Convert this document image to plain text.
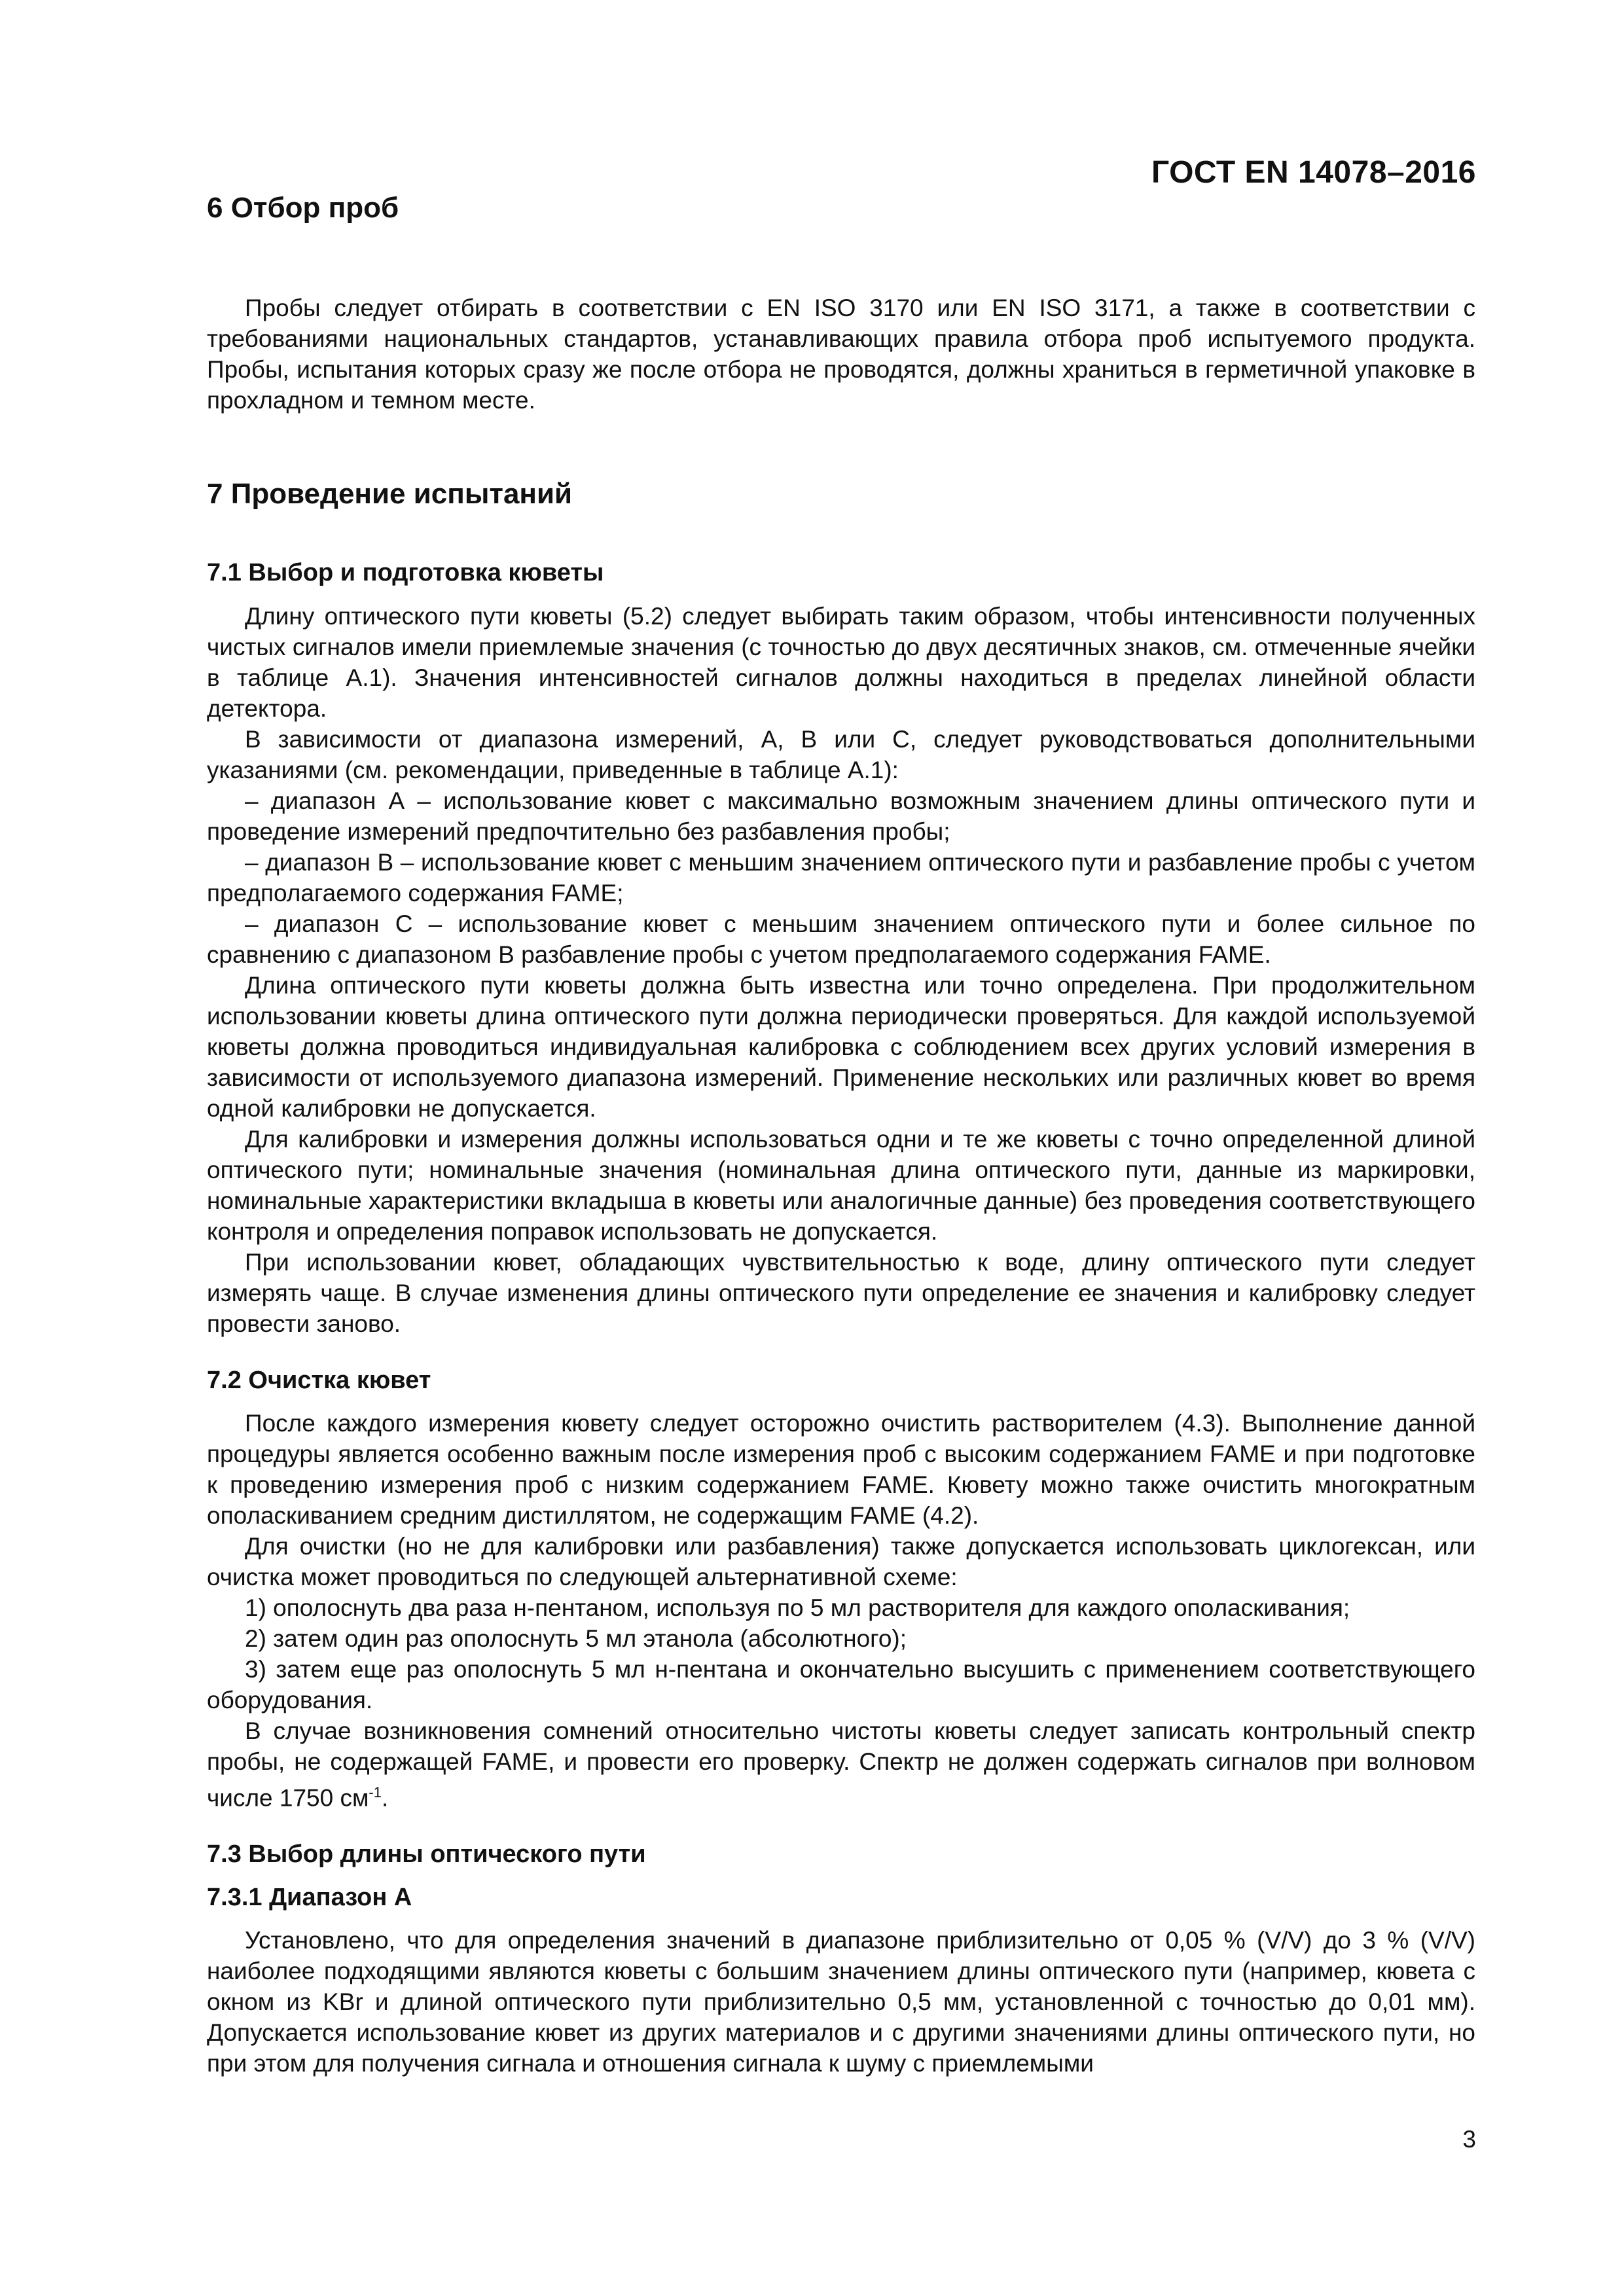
ГОСТ EN 14078–2016
6 Отбор проб

Пробы следует отбирать в соответствии с EN ISO 3170 или EN ISO 3171, а также в соответствии с требованиями национальных стандартов, устанавливающих правила отбора проб испытуемого продукта. Пробы, испытания которых сразу же после отбора не проводятся, должны храниться в герметичной упаковке в прохладном и темном месте.

7 Проведение испытаний
7.1 Выбор и подготовка кюветы

Длину оптического пути кюветы (5.2) следует выбирать таким образом, чтобы интенсивности полученных чистых сигналов имели приемлемые значения (с точностью до двух десятичных знаков, см. отмеченные ячейки в таблице А.1). Значения интенсивностей сигналов должны находиться в пределах линейной области детектора.

В зависимости от диапазона измерений, А, В или С, следует руководствоваться дополнительными указаниями (см. рекомендации, приведенные в таблице А.1):

– диапазон А – использование кювет с максимально возможным значением длины оптического пути и проведение измерений предпочтительно без разбавления пробы;

– диапазон В – использование кювет с меньшим значением оптического пути и разбавление пробы с учетом предполагаемого содержания FAME;

– диапазон С – использование кювет с меньшим значением оптического пути и более сильное по сравнению с диапазоном В разбавление пробы с учетом предполагаемого содержания FAME.

Длина оптического пути кюветы должна быть известна или точно определена. При продолжительном использовании кюветы длина оптического пути должна периодически проверяться. Для каждой используемой кюветы должна проводиться индивидуальная калибровка с соблюдением всех других условий измерения в зависимости от используемого диапазона измерений. Применение нескольких или различных кювет во время одной калибровки не допускается.

Для калибровки и измерения должны использоваться одни и те же кюветы с точно определенной длиной оптического пути; номинальные значения (номинальная длина оптического пути, данные из маркировки, номинальные характеристики вкладыша в кюветы или аналогичные данные) без проведения соответствующего контроля и определения поправок использовать не допускается.

При использовании кювет, обладающих чувствительностью к воде, длину оптического пути следует измерять чаще. В случае изменения длины оптического пути определение ее значения и калибровку следует провести заново.

7.2 Очистка кювет

После каждого измерения кювету следует осторожно очистить растворителем (4.3). Выполнение данной процедуры является особенно важным после измерения проб с высоким содержанием FAME и при подготовке к проведению измерения проб с низким содержанием FAME. Кювету можно также очистить многократным ополаскиванием средним дистиллятом, не содержащим FAME (4.2).

Для очистки (но не для калибровки или разбавления) также допускается использовать циклогексан, или очистка может проводиться по следующей альтернативной схеме:

1) ополоснуть два раза н-пентаном, используя по 5 мл растворителя для каждого ополаскивания;

2) затем один раз ополоснуть 5 мл этанола (абсолютного);

3) затем еще раз ополоснуть 5 мл н-пентана и окончательно высушить с применением соответствующего оборудования.

В случае возникновения сомнений относительно чистоты кюветы следует записать контрольный спектр пробы, не содержащей FAME, и провести его проверку. Спектр не должен содержать сигналов при волновом числе 1750 $см^{-1}$.

7.3 Выбор длины оптического пути
7.3.1 Диапазон А

Установлено, что для определения значений в диапазоне приблизительно от 0,05 % (V/V) до 3 % (V/V) наиболее подходящими являются кюветы с большим значением длины оптического пути (например, кювета с окном из KBr и длиной оптического пути приблизительно 0,5 мм, установленной с точностью до 0,01 мм). Допускается использование кювет из других материалов и с другими значениями длины оптического пути, но при этом для получения сигнала и отношения сигнала к шуму с приемлемыми

3
